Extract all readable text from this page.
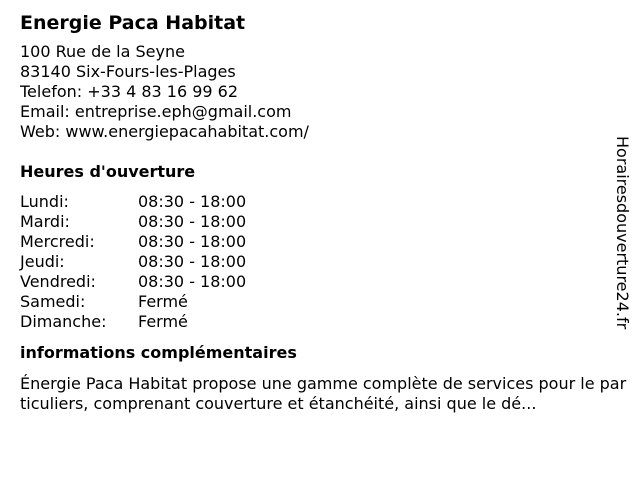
Energie Paca Habitat
100 Rue de la Seyne
83140 Six-Fours-les-Plages
Telefon: +33 4 83 16 99 62
Email: entreprise.eph@gmail.com
Web: www.energiepacahabitat.com/
Heures d'ouverture
Lundi:	08:30 - 18:00
Mardi:	08:30 - 18:00
Mercredi:	08:30 - 18:00
Jeudi:	08:30 - 18:00
Vendredi:	08:30 - 18:00
Samedi:	Fermé
Dimanche:	Fermé
informations complémentaires
Énergie Paca Habitat propose une gamme complète de services pour le particuliers, comprenant couverture et étanchéité, ainsi que le dé...
Horairesdouverture24.fr
